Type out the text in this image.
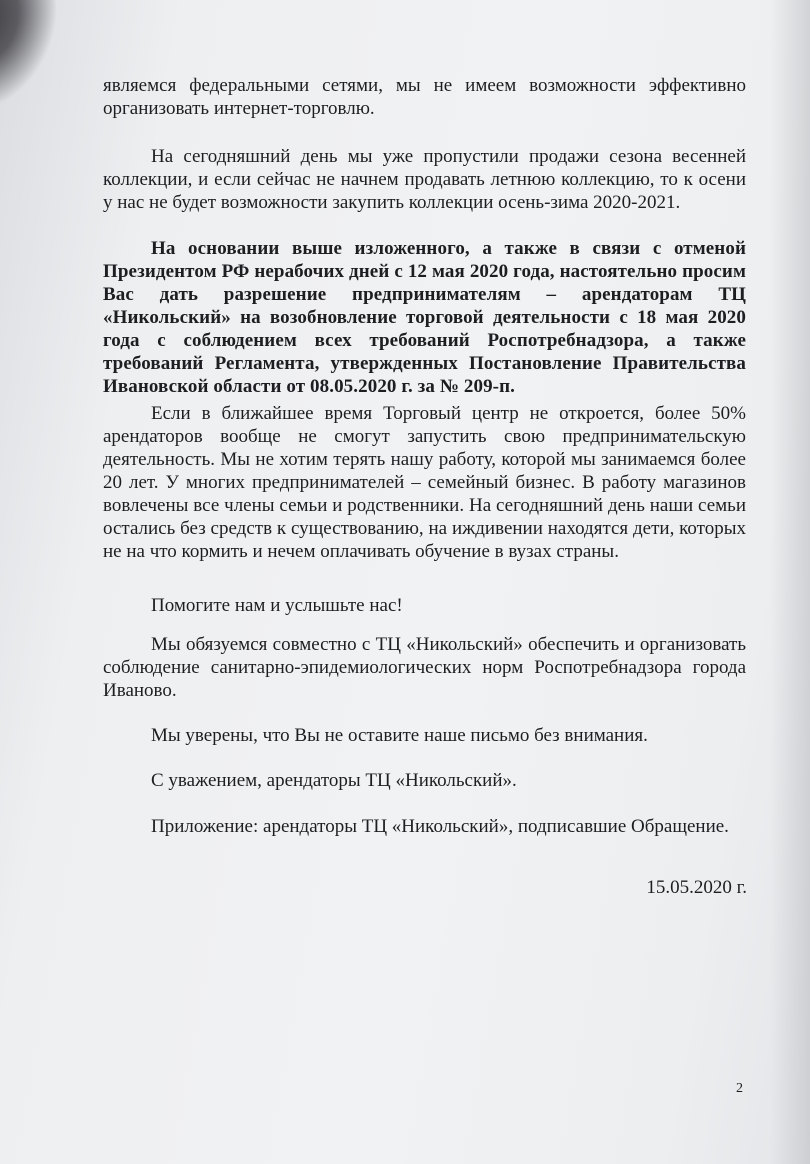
являемся федеральными сетями, мы не имеем возможности эффективно организовать интернет-торговлю.

На сегодняшний день мы уже пропустили продажи сезона весенней коллекции, и если сейчас не начнем продавать летнюю коллекцию, то к осени у нас не будет возможности закупить коллекции осень-зима 2020-2021.

На основании выше изложенного, а также в связи с отменой Президентом РФ нерабочих дней с 12 мая 2020 года, настоятельно просим Вас дать разрешение предпринимателям – арендаторам ТЦ «Никольский» на возобновление торговой деятельности с 18 мая 2020 года с соблюдением всех требований Роспотребнадзора, а также требований Регламента, утвержденных Постановление Правительства Ивановской области от 08.05.2020 г. за № 209-п.

Если в ближайшее время Торговый центр не откроется, более 50% арендаторов вообще не смогут запустить свою предпринимательскую деятельность. Мы не хотим терять нашу работу, которой мы занимаемся более 20 лет. У многих предпринимателей – семейный бизнес. В работу магазинов вовлечены все члены семьи и родственники. На сегодняшний день наши семьи остались без средств к существованию, на иждивении находятся дети, которых не на что кормить и нечем оплачивать обучение в вузах страны.

Помогите нам и услышьте нас!

Мы обязуемся совместно с ТЦ «Никольский» обеспечить и организовать соблюдение санитарно-эпидемиологических норм Роспотребнадзора города Иваново.

Мы уверены, что Вы не оставите наше письмо без внимания.

С уважением, арендаторы ТЦ «Никольский».

Приложение: арендаторы ТЦ «Никольский», подписавшие Обращение.

15.05.2020 г.

2
